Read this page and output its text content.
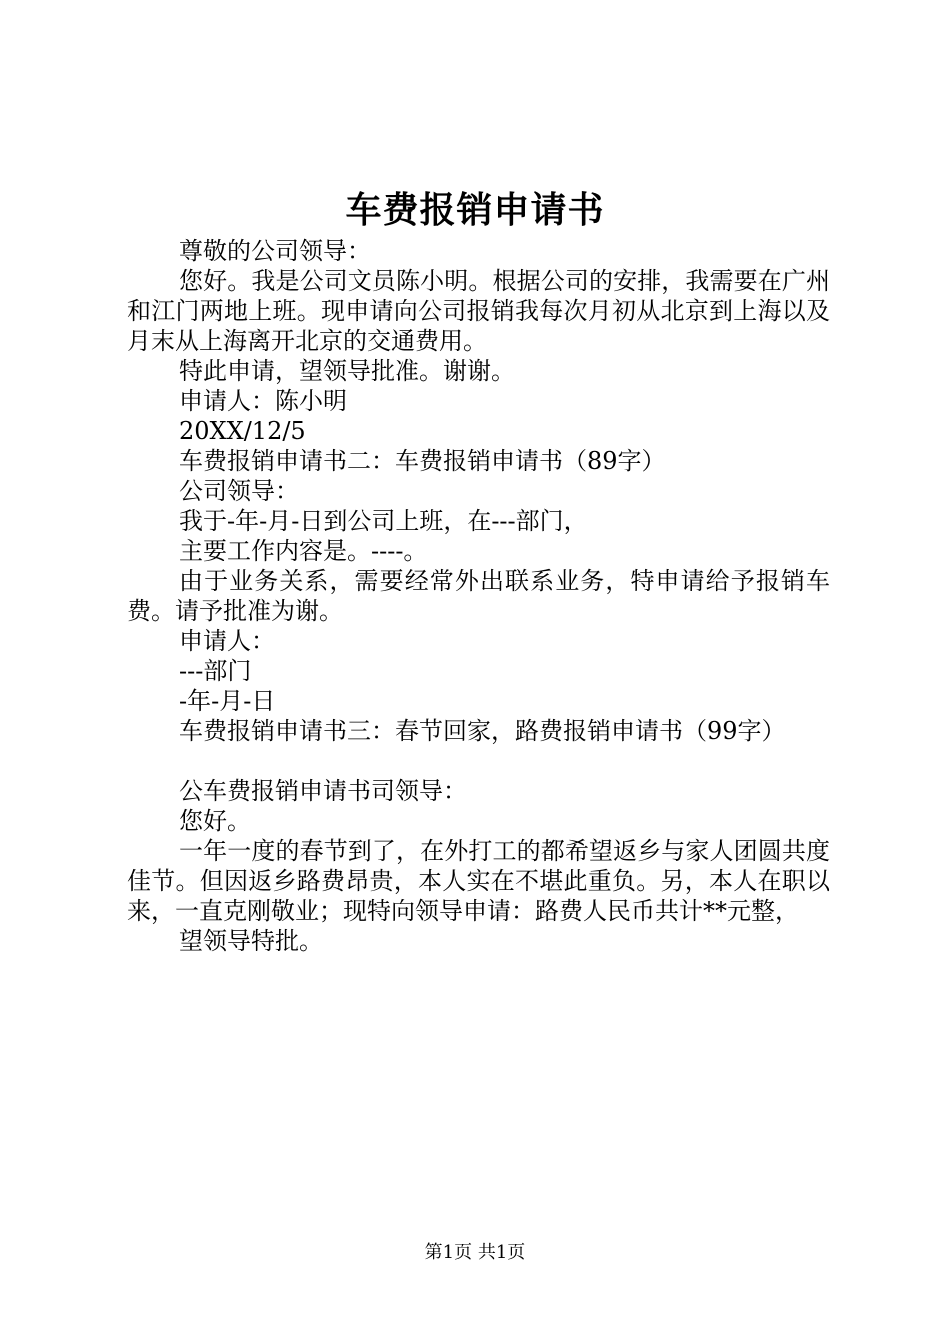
车费报销申请书

尊敬的公司领导：

您好。我是公司文员陈小明。根据公司的安排，我需要在广州和江门两地上班。现申请向公司报销我每次月初从北京到上海以及月末从上海离开北京的交通费用。

特此申请，望领导批准。谢谢。

申请人：陈小明

20XX/12/5

车费报销申请书二：车费报销申请书（89字）

公司领导：

我于-年-月-日到公司上班，在---部门，

主要工作内容是。----。

由于业务关系，需要经常外出联系业务，特申请给予报销车费。请予批准为谢。

申请人：

---部门

-年-月-日

车费报销申请书三：春节回家，路费报销申请书（99字）

公车费报销申请书司领导：

您好。

一年一度的春节到了，在外打工的都希望返乡与家人团圆共度佳节。但因返乡路费昂贵，本人实在不堪此重负。另，本人在职以来，一直克刚敬业；现特向领导申请：路费人民币共计**元整，

望领导特批。

第1页 共1页
